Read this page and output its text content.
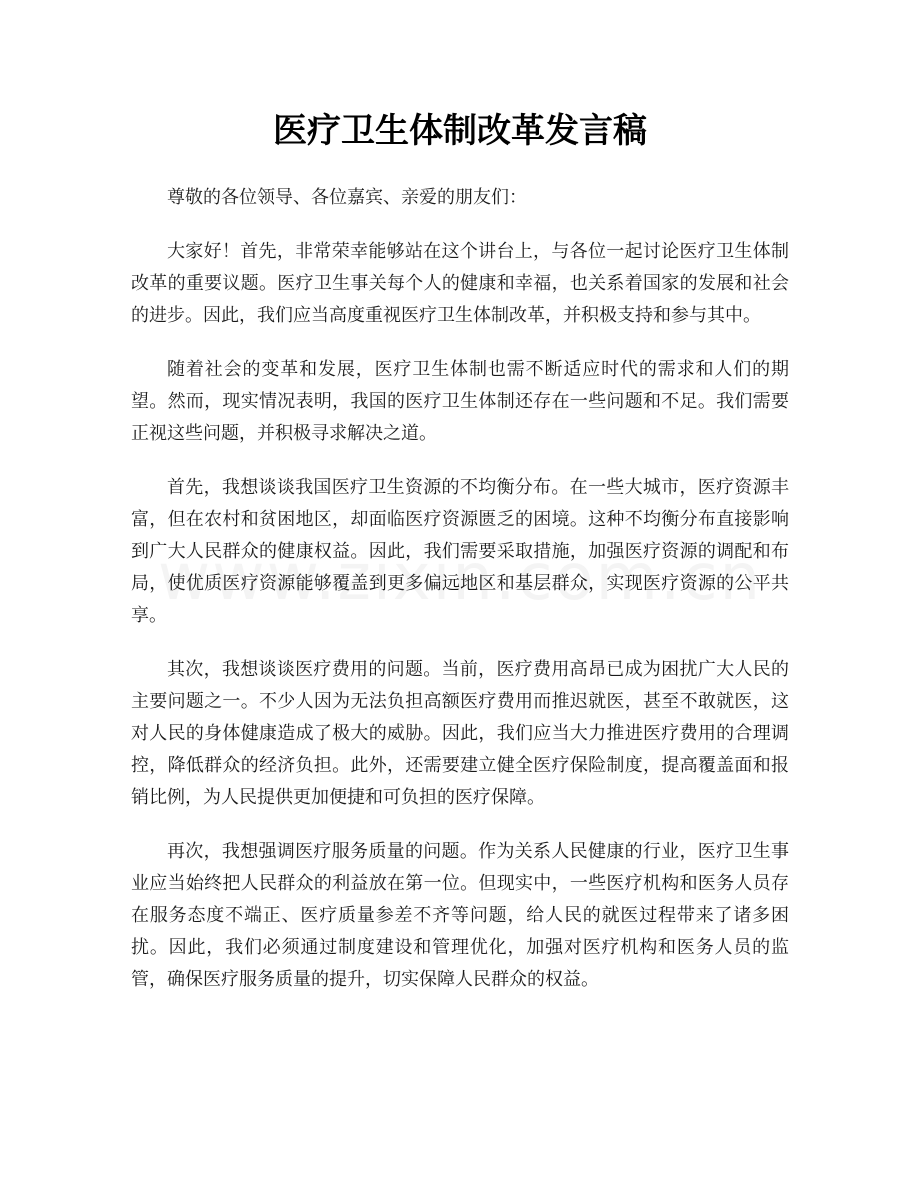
医疗卫生体制改革发言稿

尊敬的各位领导、各位嘉宾、亲爱的朋友们：

大家好！首先，非常荣幸能够站在这个讲台上，与各位一起讨论医疗卫生体制改革的重要议题。医疗卫生事关每个人的健康和幸福，也关系着国家的发展和社会的进步。因此，我们应当高度重视医疗卫生体制改革，并积极支持和参与其中。

随着社会的变革和发展，医疗卫生体制也需不断适应时代的需求和人们的期望。然而，现实情况表明，我国的医疗卫生体制还存在一些问题和不足。我们需要正视这些问题，并积极寻求解决之道。

首先，我想谈谈我国医疗卫生资源的不均衡分布。在一些大城市，医疗资源丰富，但在农村和贫困地区，却面临医疗资源匮乏的困境。这种不均衡分布直接影响到广大人民群众的健康权益。因此，我们需要采取措施，加强医疗资源的调配和布局，使优质医疗资源能够覆盖到更多偏远地区和基层群众，实现医疗资源的公平共享。

其次，我想谈谈医疗费用的问题。当前，医疗费用高昂已成为困扰广大人民的主要问题之一。不少人因为无法负担高额医疗费用而推迟就医，甚至不敢就医，这对人民的身体健康造成了极大的威胁。因此，我们应当大力推进医疗费用的合理调控，降低群众的经济负担。此外，还需要建立健全医疗保险制度，提高覆盖面和报销比例，为人民提供更加便捷和可负担的医疗保障。

再次，我想强调医疗服务质量的问题。作为关系人民健康的行业，医疗卫生事业应当始终把人民群众的利益放在第一位。但现实中，一些医疗机构和医务人员存在服务态度不端正、医疗质量参差不齐等问题，给人民的就医过程带来了诸多困扰。因此，我们必须通过制度建设和管理优化，加强对医疗机构和医务人员的监管，确保医疗服务质量的提升，切实保障人民群众的权益。
